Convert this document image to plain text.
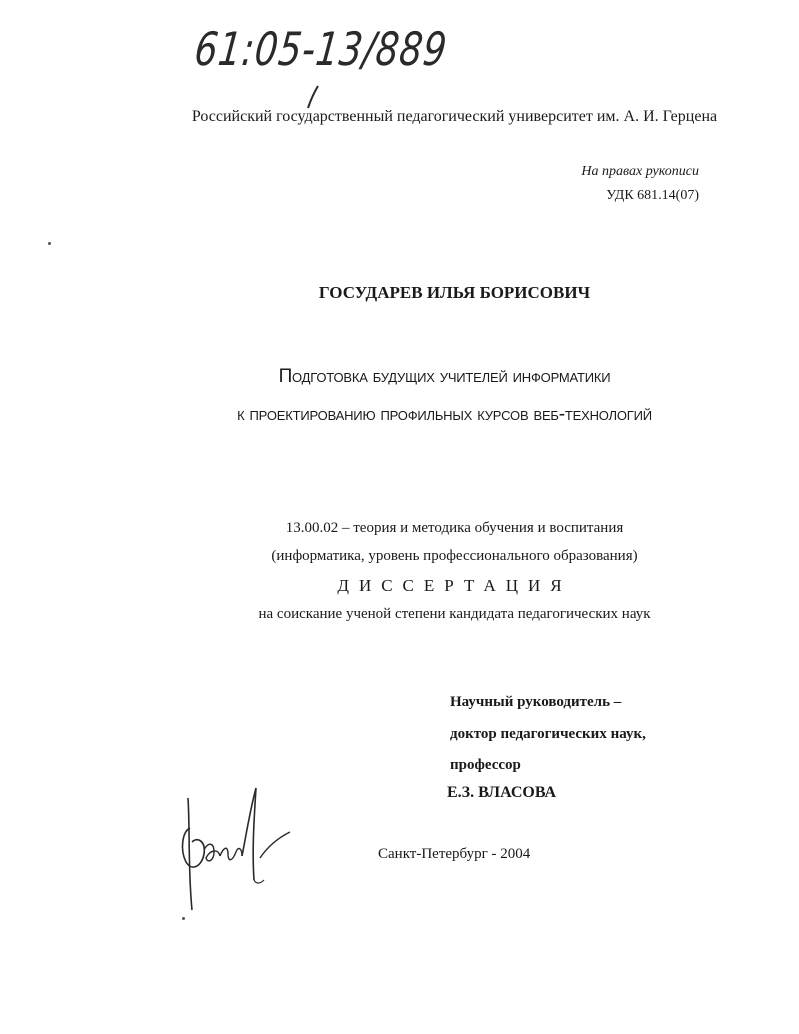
61:05-13/889

Российский государственный педагогический университет им. А. И. Герцена

На правах рукописи

УДК 681.14(07)

ГОСУДАРЕВ ИЛЬЯ БОРИСОВИЧ

Подготовка будущих учителей информатики

к проектированию профильных курсов веб-технологий

13.00.02 – теория и методика обучения и воспитания

(информатика, уровень профессионального образования)

ДИССЕРТАЦИЯ

на соискание ученой степени кандидата педагогических наук

Научный руководитель –

доктор педагогических наук,

профессор

Е.З. ВЛАСОВА

Санкт-Петербург - 2004
